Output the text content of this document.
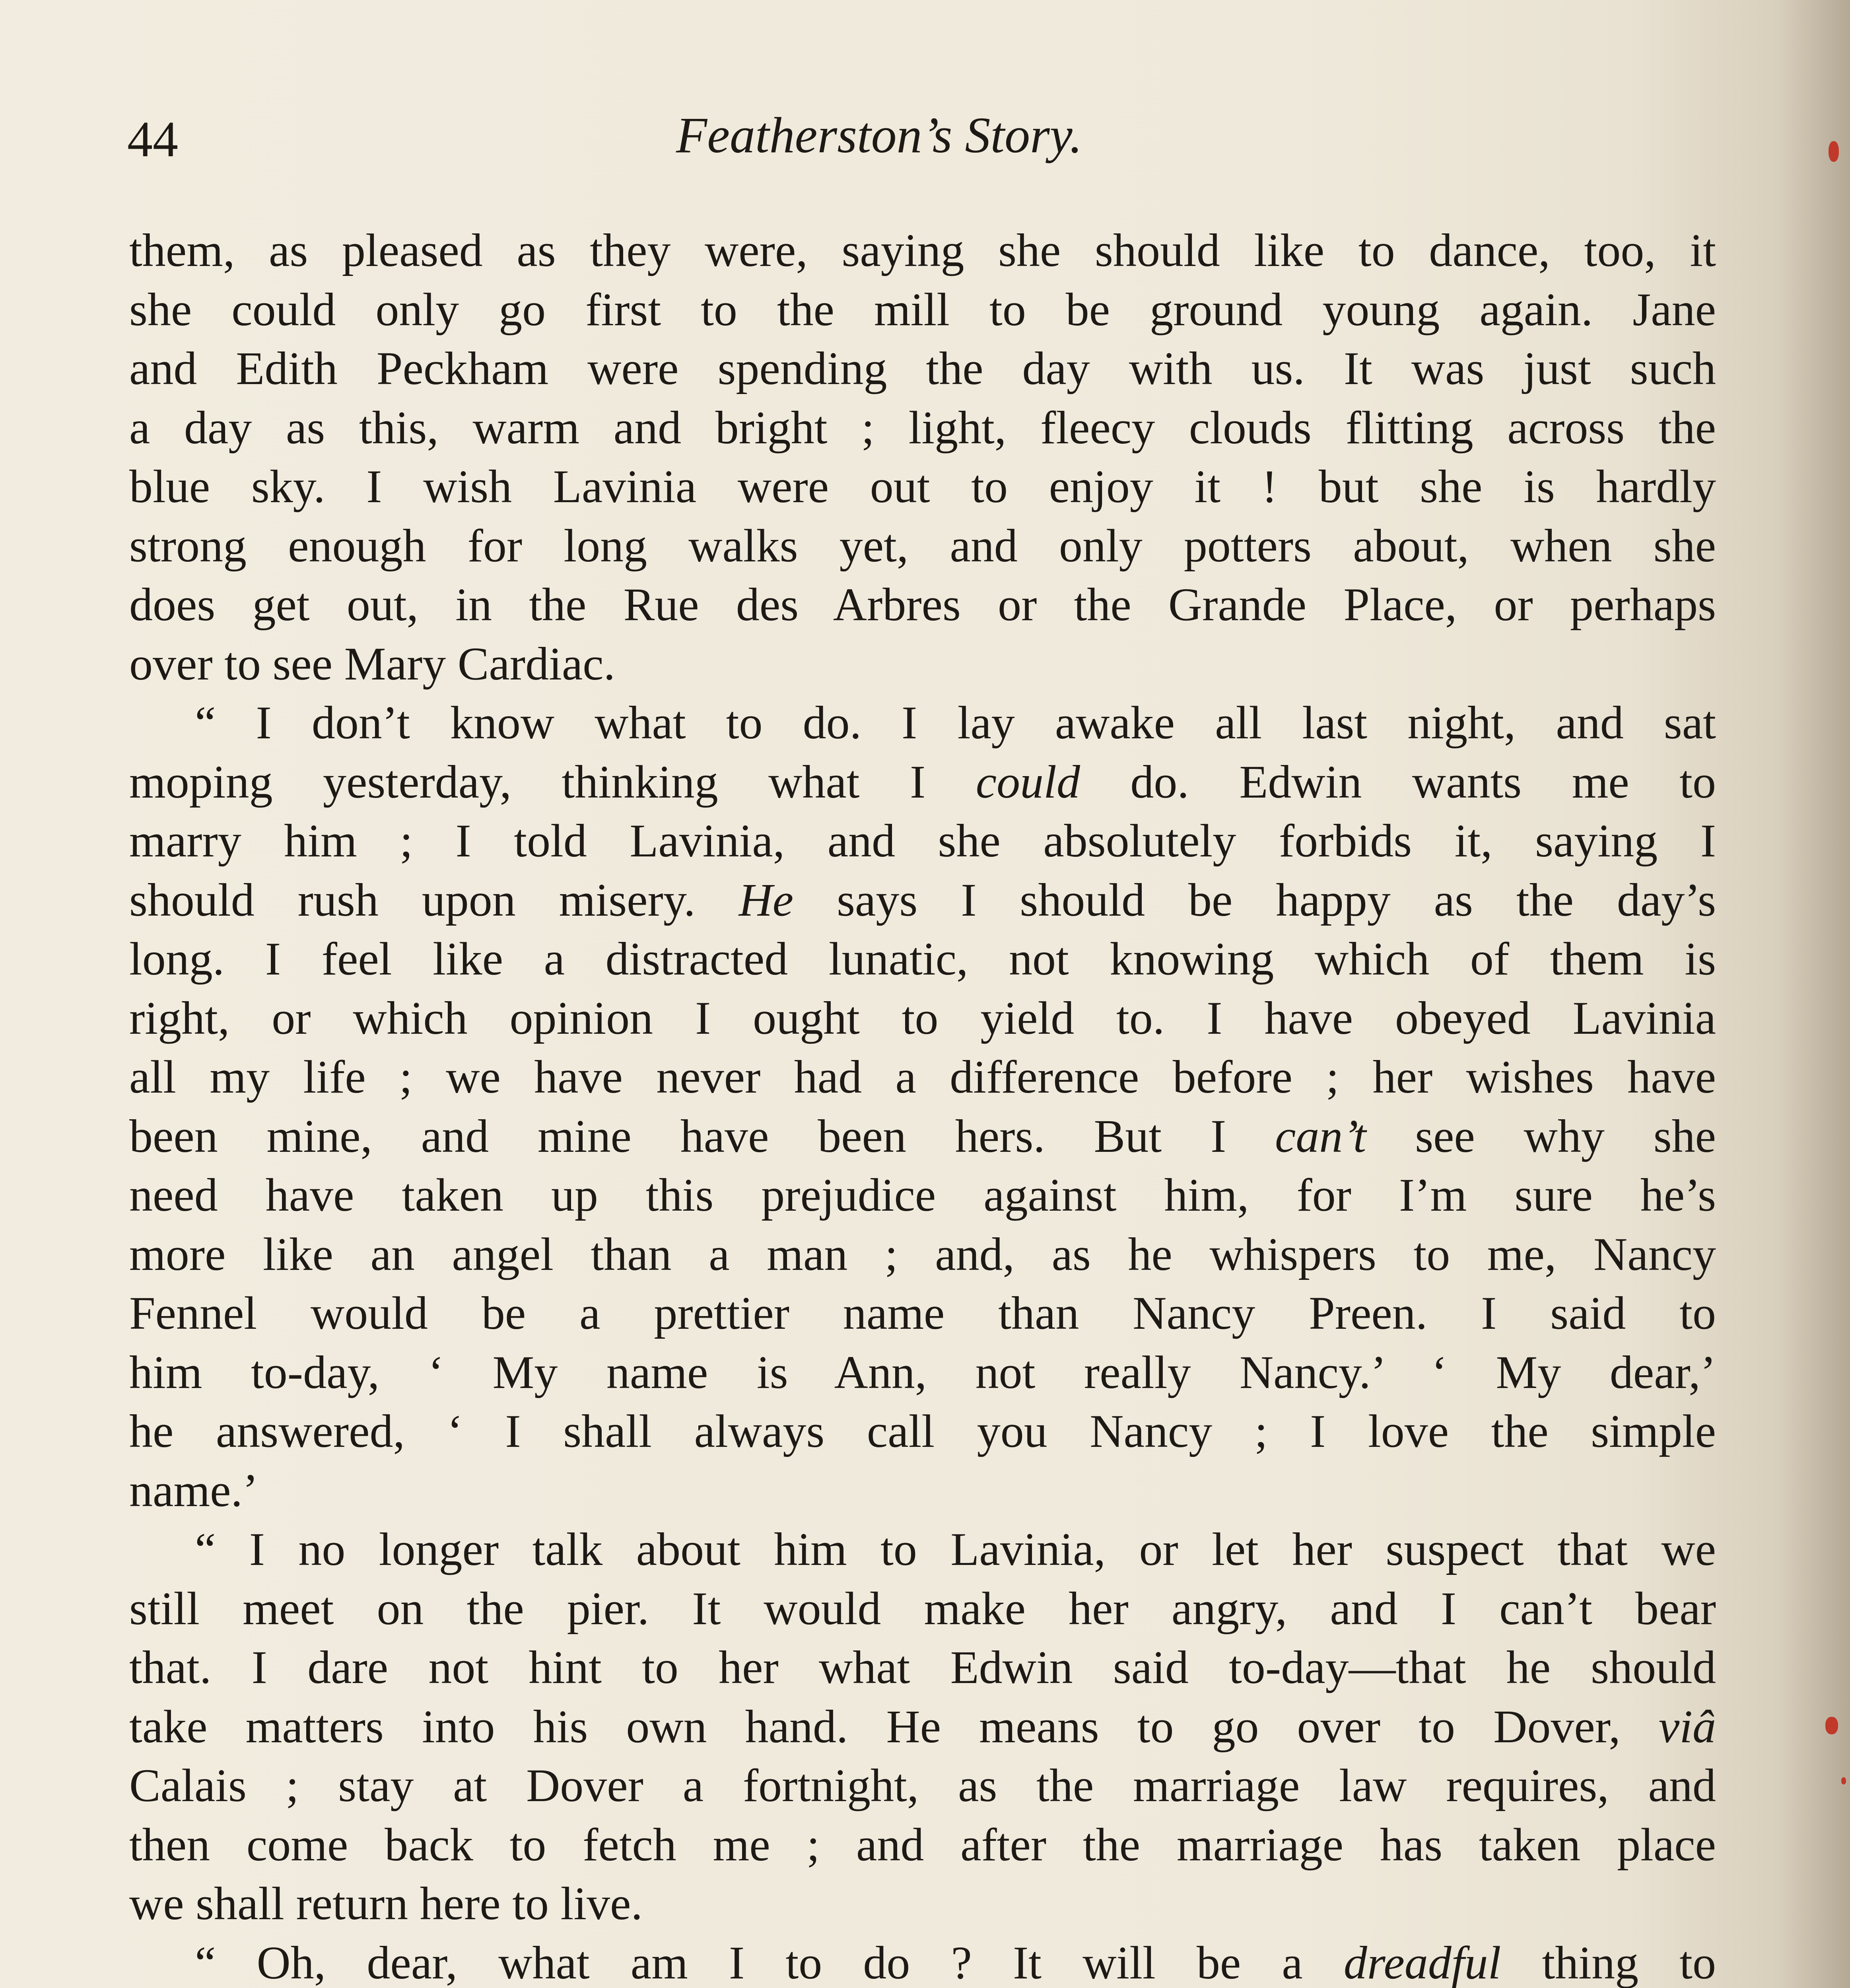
44	Featherston’s Story.
them, as pleased as they were, saying she should like to dance, too, it
she could only go first to the mill to be ground young again. Jane
and Edith Peckham were spending the day with us. It was just such
a day as this, warm and bright ; light, fleecy clouds flitting across the
blue sky. I wish Lavinia were out to enjoy it ! but she is hardly
strong enough for long walks yet, and only potters about, when she
does get out, in the Rue des Arbres or the Grande Place, or perhaps
over to see Mary Cardiac.
“ I don’t know what to do. I lay awake all last night, and sat
moping yesterday, thinking what I could do. Edwin wants me to
marry him ; I told Lavinia, and she absolutely forbids it, saying I
should rush upon misery. He says I should be happy as the day’s
long. I feel like a distracted lunatic, not knowing which of them is
right, or which opinion I ought to yield to. I have obeyed Lavinia
all my life ; we have never had a difference before ; her wishes have
been mine, and mine have been hers. But I can’t see why she
need have taken up this prejudice against him, for I’m sure he’s
more like an angel than a man ; and, as he whispers to me, Nancy
Fennel would be a prettier name than Nancy Preen. I said to
him to-day, ‘ My name is Ann, not really Nancy.’ ‘ My dear,’
he answered, ‘ I shall always call you Nancy ; I love the simple
name.’
“ I no longer talk about him to Lavinia, or let her suspect that we
still meet on the pier. It would make her angry, and I can’t bear
that. I dare not hint to her what Edwin said to-day—that he should
take matters into his own hand. He means to go over to Dover, viâ
Calais ; stay at Dover a fortnight, as the marriage law requires, and
then come back to fetch me ; and after the marriage has taken place
we shall return here to live.
“ Oh, dear, what am I to do ? It will be a dreadful thing to
